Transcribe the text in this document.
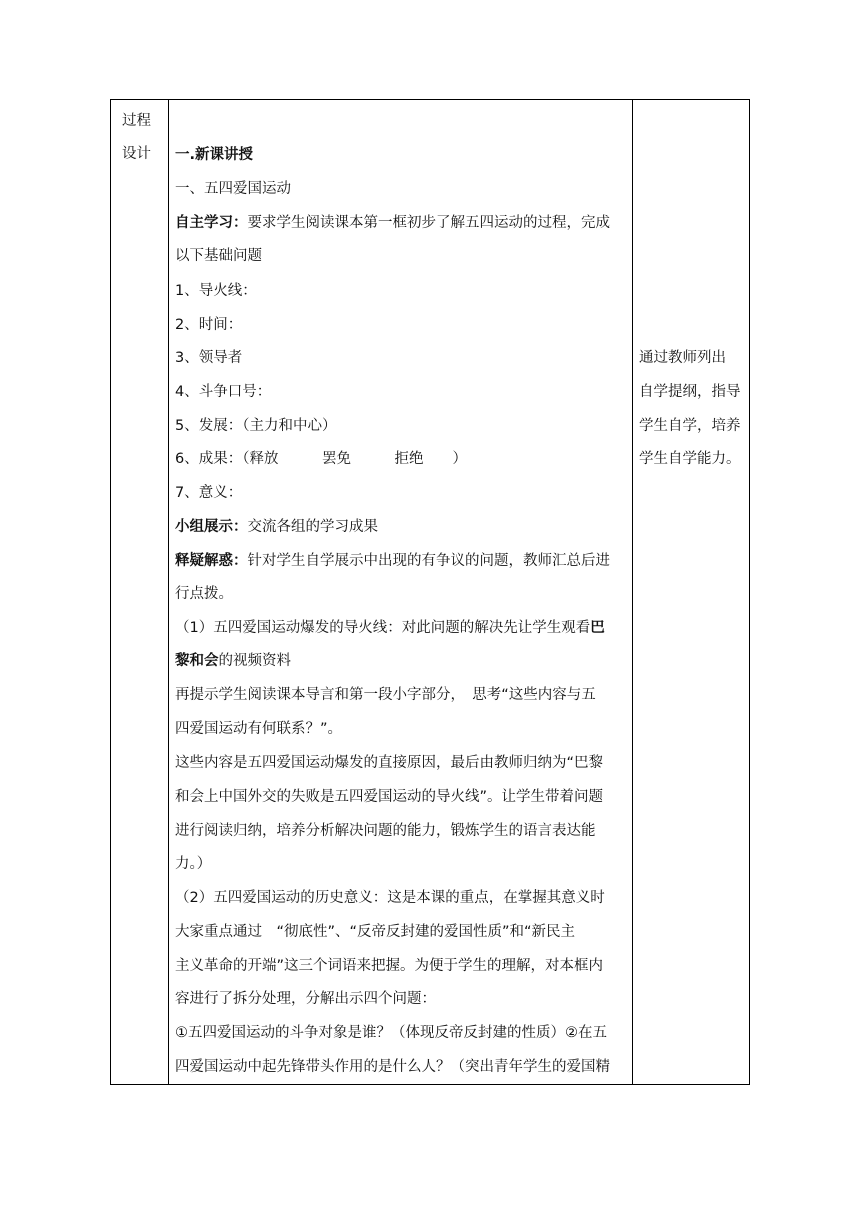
过程
设计 一.新课讲授
一、五四爱国运动
自主学习：要求学生阅读课本第一框初步了解五四运动的过程，完成
以下基础问题
1、导火线：
2、时间：
3、领导者
4、斗争口号：
5、发展：（主力和中心）
6、成果：（释放　　　罢免　　　拒绝　　）
7、意义：
小组展示：交流各组的学习成果
释疑解惑：针对学生自学展示中出现的有争议的问题，教师汇总后进
行点拨。
（1）五四爱国运动爆发的导火线：对此问题的解决先让学生观看巴
黎和会的视频资料
再提示学生阅读课本导言和第一段小字部分，　思考“这些内容与五
四爱国运动有何联系？”。
这些内容是五四爱国运动爆发的直接原因，最后由教师归纳为“巴黎
和会上中国外交的失败是五四爱国运动的导火线”。让学生带着问题
进行阅读归纳，培养分析解决问题的能力，锻炼学生的语言表达能
力。）
（2）五四爱国运动的历史意义：这是本课的重点，在掌握其意义时
大家重点通过　“彻底性”、“反帝反封建的爱国性质”和“新民主
主义革命的开端”这三个词语来把握。为便于学生的理解，对本框内
容进行了拆分处理，分解出示四个问题：
①五四爱国运动的斗争对象是谁？（体现反帝反封建的性质）②在五
四爱国运动中起先锋带头作用的是什么人？（突出青年学生的爱国精
通过教师列出
自学提纲，指导
学生自学，培养
学生自学能力。
